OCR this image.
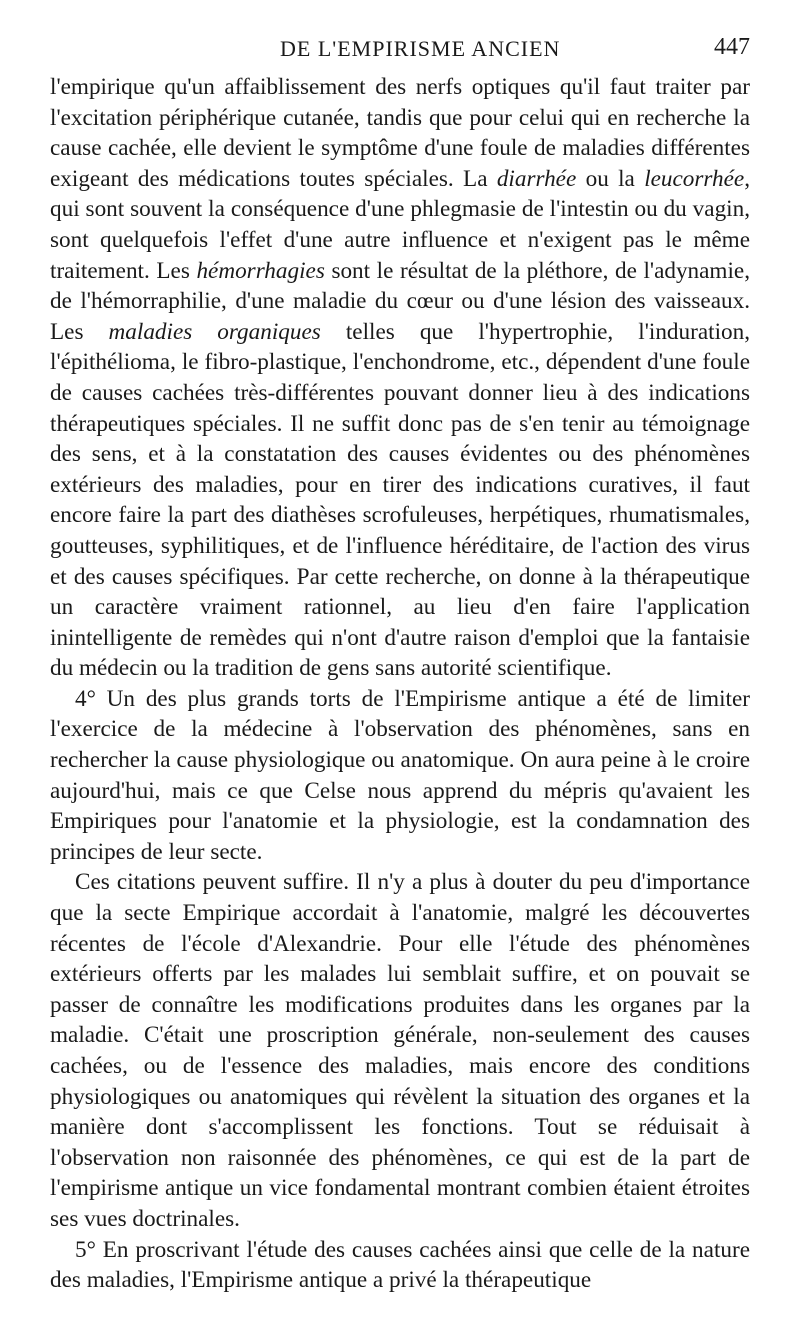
DE L'EMPIRISME ANCIEN	447

l'empirique qu'un affaiblissement des nerfs optiques qu'il faut traiter par l'excitation périphérique cutanée, tandis que pour celui qui en recherche la cause cachée, elle devient le symptôme d'une foule de maladies différentes exigeant des médications toutes spéciales. La diarrhée ou la leucorrhée, qui sont souvent la conséquence d'une phlegmasie de l'intestin ou du vagin, sont quelquefois l'effet d'une autre influence et n'exigent pas le même traitement. Les hémorrhagies sont le résultat de la pléthore, de l'adynamie, de l'hémorraphilie, d'une maladie du cœur ou d'une lésion des vaisseaux. Les maladies organiques telles que l'hypertrophie, l'induration, l'épithélioma, le fibro-plastique, l'enchondrome, etc., dépendent d'une foule de causes cachées très-différentes pouvant donner lieu à des indications thérapeutiques spéciales. Il ne suffit donc pas de s'en tenir au témoignage des sens, et à la constatation des causes évidentes ou des phénomènes extérieurs des maladies, pour en tirer des indications curatives, il faut encore faire la part des diathèses scrofuleuses, herpétiques, rhumatismales, goutteuses, syphilitiques, et de l'influence héréditaire, de l'action des virus et des causes spécifiques. Par cette recherche, on donne à la thérapeutique un caractère vraiment rationnel, au lieu d'en faire l'application inintelligente de remèdes qui n'ont d'autre raison d'emploi que la fantaisie du médecin ou la tradition de gens sans autorité scientifique.

4° Un des plus grands torts de l'Empirisme antique a été de limiter l'exercice de la médecine à l'observation des phénomènes, sans en rechercher la cause physiologique ou anatomique. On aura peine à le croire aujourd'hui, mais ce que Celse nous apprend du mépris qu'avaient les Empiriques pour l'anatomie et la physiologie, est la condamnation des principes de leur secte.

Ces citations peuvent suffire. Il n'y a plus à douter du peu d'importance que la secte Empirique accordait à l'anatomie, malgré les découvertes récentes de l'école d'Alexandrie. Pour elle l'étude des phénomènes extérieurs offerts par les malades lui semblait suffire, et on pouvait se passer de connaître les modifications produites dans les organes par la maladie. C'était une proscription générale, non-seulement des causes cachées, ou de l'essence des maladies, mais encore des conditions physiologiques ou anatomiques qui révèlent la situation des organes et la manière dont s'accomplissent les fonctions. Tout se réduisait à l'observation non raisonnée des phénomènes, ce qui est de la part de l'empirisme antique un vice fondamental montrant combien étaient étroites ses vues doctrinales.

5° En proscrivant l'étude des causes cachées ainsi que celle de la nature des maladies, l'Empirisme antique a privé la thérapeutique
